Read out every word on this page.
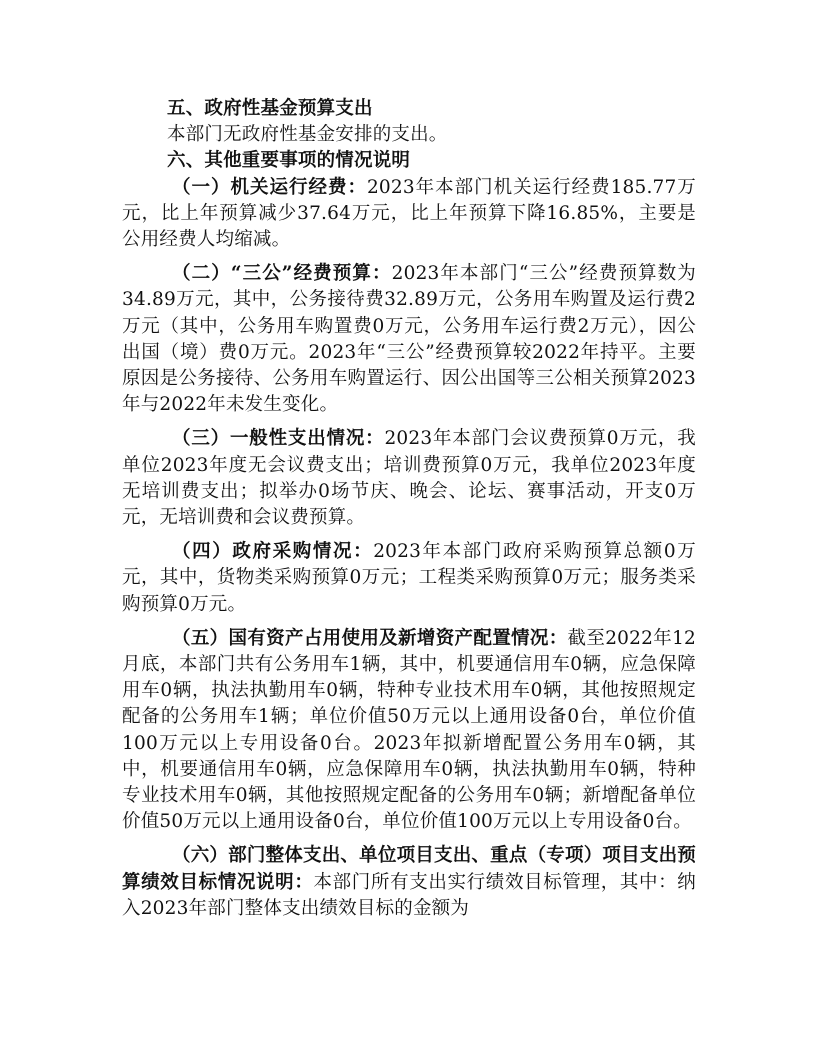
五、政府性基金预算支出

本部门无政府性基金安排的支出。

六、其他重要事项的情况说明

（一）机关运行经费：2023年本部门机关运行经费185.77万元，比上年预算减少37.64万元，比上年预算下降16.85%，主要是公用经费人均缩减。

（二）“三公”经费预算：2023年本部门“三公”经费预算数为34.89万元，其中，公务接待费32.89万元，公务用车购置及运行费2万元（其中，公务用车购置费0万元，公务用车运行费2万元），因公出国（境）费0万元。2023年“三公”经费预算较2022年持平。主要原因是公务接待、公务用车购置运行、因公出国等三公相关预算2023年与2022年未发生变化。

（三）一般性支出情况：2023年本部门会议费预算0万元，我单位2023年度无会议费支出；培训费预算0万元，我单位2023年度无培训费支出；拟举办0场节庆、晚会、论坛、赛事活动，开支0万元，无培训费和会议费预算。

（四）政府采购情况：2023年本部门政府采购预算总额0万元，其中，货物类采购预算0万元；工程类采购预算0万元；服务类采购预算0万元。

（五）国有资产占用使用及新增资产配置情况：截至2022年12月底，本部门共有公务用车1辆，其中，机要通信用车0辆，应急保障用车0辆，执法执勤用车0辆，特种专业技术用车0辆，其他按照规定配备的公务用车1辆；单位价值50万元以上通用设备0台，单位价值100万元以上专用设备0台。2023年拟新增配置公务用车0辆，其中，机要通信用车0辆，应急保障用车0辆，执法执勤用车0辆，特种专业技术用车0辆，其他按照规定配备的公务用车0辆；新增配备单位价值50万元以上通用设备0台，单位价值100万元以上专用设备0台。

（六）部门整体支出、单位项目支出、重点（专项）项目支出预算绩效目标情况说明：本部门所有支出实行绩效目标管理，其中：纳入2023年部门整体支出绩效目标的金额为
